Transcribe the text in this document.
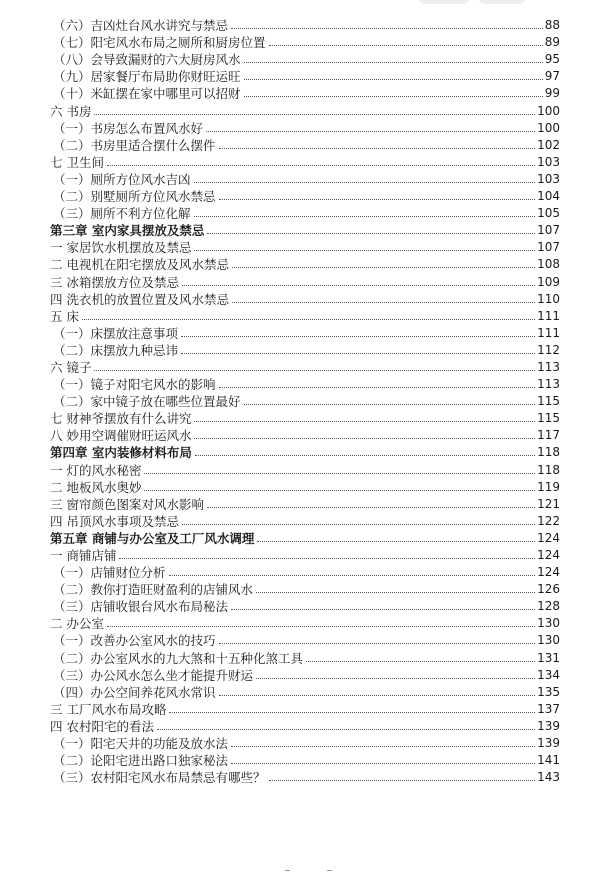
（六）吉凶灶台风水讲究与禁忌	88
（七）阳宅风水布局之厕所和厨房位置	89
（八）会导致漏财的六大厨房风水	95
（九）居家餐厅布局助你财旺运旺	97
（十）米缸摆在家中哪里可以招财	99
六 书房	100
（一）书房怎么布置风水好	100
（二）书房里适合摆什么摆件	102
七 卫生间	103
（一）厕所方位风水吉凶	103
（二）别墅厕所方位风水禁忌	104
（三）厕所不利方位化解	105
第三章 室内家具摆放及禁忌	107
一 家居饮水机摆放及禁忌	107
二 电视机在阳宅摆放及风水禁忌	108
三 冰箱摆放方位及禁忌	109
四 洗衣机的放置位置及风水禁忌	110
五 床	111
（一）床摆放注意事项	111
（二）床摆放九种忌讳	112
六 镜子	113
（一）镜子对阳宅风水的影响	113
（二）家中镜子放在哪些位置最好	115
七 财神爷摆放有什么讲究	115
八 妙用空调催财旺运风水	117
第四章 室内装修材料布局	118
一 灯的风水秘密	118
二 地板风水奥妙	119
三 窗帘颜色图案对风水影响	121
四 吊顶风水事项及禁忌	122
第五章 商铺与办公室及工厂风水调理	124
一 商铺店铺	124
（一）店铺财位分析	124
（二）教你打造旺财盈利的店铺风水	126
（三）店铺收银台风水布局秘法	128
二 办公室	130
（一）改善办公室风水的技巧	130
（二）办公室风水的九大煞和十五种化煞工具	131
（三）办公风水怎么坐才能提升财运	134
（四）办公空间养花风水常识	135
三 工厂风水布局攻略	137
四 农村阳宅的看法	139
（一）阳宅天井的功能及放水法	139
（二）论阳宅进出路口独家秘法	141
（三）农村阳宅风水布局禁忌有哪些？	143
